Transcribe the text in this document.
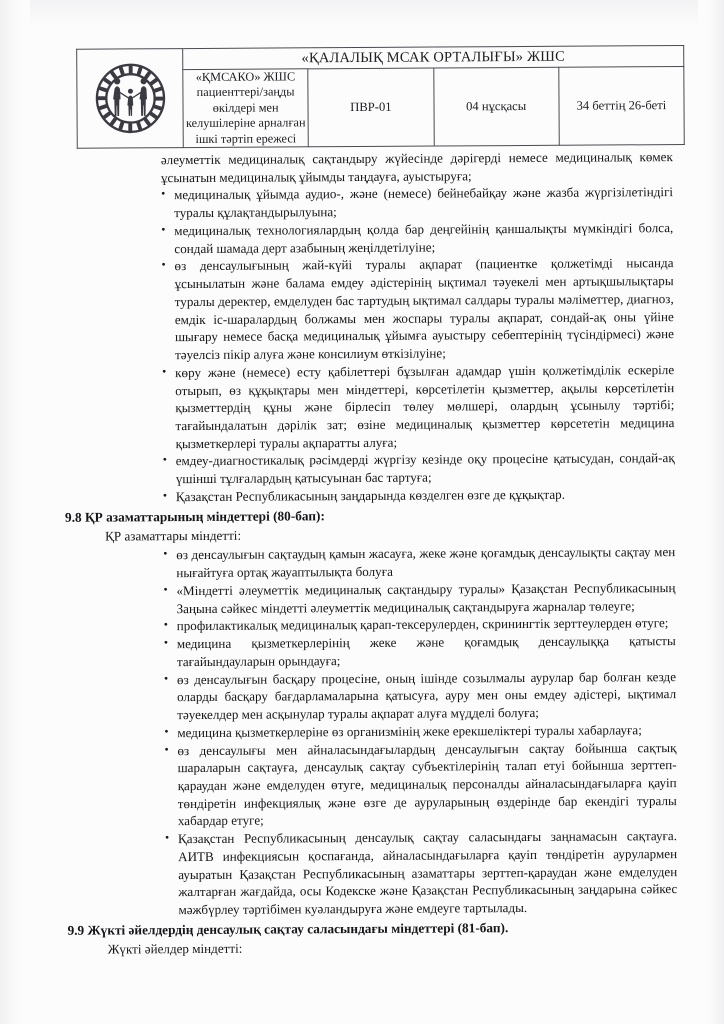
	«ҚАЛАЛЫҚ МСАК ОРТАЛЫҒЫ» ЖШС			
	«ҚМСАКО» ЖШС пациенттері/заңды өкілдері мен келушілеріне арналған ішкі тәртіп ережесі	ПВР-01	04 нұсқасы	34 беттің 26-беті

әлеуметтік медициналық сақтандыру жүйесінде дәрігерді немесе медициналық көмек ұсынатын медициналық ұйымды таңдауға, ауыстыруға;

• медициналық ұйымда аудио-, және (немесе) бейнебайқау және жазба жүргізілетіндігі туралы құлақтандырылуына;
• медициналық технологиялардың қолда бар деңгейінің қаншалықты мүмкіндігі болса, сондай шамада дерт азабының жеңілдетілуіне;
• өз денсаулығының жай-күйі туралы ақпарат (пациентке қолжетімді нысанда ұсынылатын және балама емдеу әдістерінің ықтимал тәуекелі мен артықшылықтары туралы деректер, емделуден бас тартудың ықтимал салдары туралы мәліметтер, диагноз, емдік іс-шаралардың болжамы мен жоспары туралы ақпарат, сондай-ақ оны үйіне шығару немесе басқа медициналық ұйымға ауыстыру себептерінің түсіндірмесі) және тәуелсіз пікір алуға және консилиум өткізілуіне;
• көру және (немесе) есту қабілеттері бұзылған адамдар үшін қолжетімділік ескеріле отырып, өз құқықтары мен міндеттері, көрсетілетін қызметтер, ақылы көрсетілетін қызметтердің құны және бірлесіп төлеу мөлшері, олардың ұсынылу тәртібі; тағайындалатын дәрілік зат; өзіне медициналық қызметтер көрсететін медицина қызметкерлері туралы ақпаратты алуға;
• емдеу-диагностикалық рәсімдерді жүргізу кезінде оқу процесіне қатысудан, сондай-ақ үшінші тұлғалардың қатысуынан бас тартуға;
• Қазақстан Республикасының заңдарында көзделген өзге де құқықтар.

9.8 ҚР азаматтарының міндеттері (80-бап):

ҚР азаматтары міндетті:

• өз денсаулығын сақтаудың қамын жасауға, жеке және қоғамдық денсаулықты сақтау мен нығайтуға ортақ жауаптылықта болуға
• «Міндетті әлеуметтік медициналық сақтандыру туралы» Қазақстан Республикасының Заңына сәйкес міндетті әлеуметтік медициналық сақтандыруға жарналар төлеуге;
• профилактикалық медициналық қарап-тексерулерден, скринингтік зерттеулерден өтуге;
• медицина қызметкерлерінің жеке және қоғамдық денсаулыққа қатысты тағайындауларын орындауға;
• өз денсаулығын басқару процесіне, оның ішінде созылмалы аурулар бар болған кезде оларды басқару бағдарламаларына қатысуға, ауру мен оны емдеу әдістері, ықтимал тәуекелдер мен асқынулар туралы ақпарат алуға мүдделі болуға;
• медицина қызметкерлеріне өз организмінің жеке ерекшеліктері туралы хабарлауға;
• өз денсаулығы мен айналасындағылардың денсаулығын сақтау бойынша сақтық шараларын сақтауға, денсаулық сақтау субъектілерінің талап етуі бойынша зерттеп-қараудан және емделуден өтуге, медициналық персоналды айналасындағыларға қауіп төндіретін инфекциялық және өзге де ауруларының өздерінде бар екендігі туралы хабардар етуге;
• Қазақстан Республикасының денсаулық сақтау саласындағы заңнамасын сақтауға. АИТВ инфекциясын қоспағанда, айналасындағыларға қауіп төндіретін аурулармен ауыратын Қазақстан Республикасының азаматтары зерттеп-қараудан және емделуден жалтарған жағдайда, осы Кодекске және Қазақстан Республикасының заңдарына сәйкес мәжбүрлеу тәртібімен куәландыруға және емдеуге тартылады.

9.9 Жүкті әйелдердің денсаулық сақтау саласындағы міндеттері (81-бап).

Жүкті әйелдер міндетті:
